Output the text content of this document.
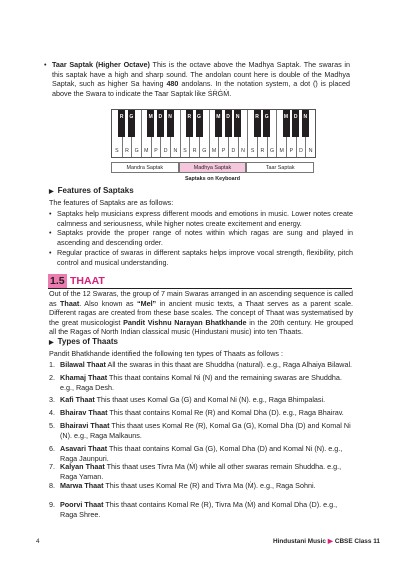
•

Taar Saptak (Higher Octave) This is the octave above the Madhya Saptak. The swaras in this saptak have a high and sharp sound. The andolan count here is double of the Madhya Saptak, such as higher Sa having 480 andolans. In the notation system, a dot (̇) is placed above the Swara to indicate the Taar Saptak like ṠṘĠṀ.

S	R	G	M	P	D	N	S	R	G	M	P	D	N	S	R	G	M	P	D	N
R	G	M	D	N	R	G	M	D	N	R	G	M	D	N
Mandra Saptak	Madhya Saptak	Taar Saptak
Saptaks on Keyboard
▶ Features of Saptaks

The features of Saptaks are as follows:

•

Saptaks help musicians express different moods and emotions in music. Lower notes create calmness and seriousness, while higher notes create excitement and energy.

•

Saptaks provide the proper range of notes within which ragas are sung and played in ascending and descending order.

•

Regular practice of swaras in different saptaks helps improve vocal strength, flexibility, pitch control and musical understanding.

1.5 THAAT

Out of the 12 Swaras, the group of 7 main Swaras arranged in an ascending sequence is called as Thaat. Also known as “Mel” in ancient music texts, a Thaat serves as a parent scale. Different ragas are created from these base scales. The concept of Thaat was systematised by the great musicologist Pandit Vishnu Narayan Bhatkhande in the 20th century. He grouped all the Ragas of North Indian classical music (Hindustani music) into ten Thaats.

▶ Types of Thaats

Pandit Bhatkhande identified the following ten types of Thaats as follows :

1. Bilawal Thaat All the swaras in this thaat are Shuddha (natural). e.g., Raga Alhaiya Bilawal.
2. Khamaj Thaat This thaat contains Komal Ni (N) and the remaining swaras are Shuddha. e.g., Raga Desh.
3. Kafi Thaat This thaat uses Komal Ga (G) and Komal Ni (N). e.g., Raga Bhimpalasi.
4. Bhairav Thaat This thaat contains Komal Re (R) and Komal Dha (D). e.g., Raga Bhairav.
5. Bhairavi Thaat This thaat uses Komal Re (R), Komal Ga (G), Komal Dha (D) and Komal Ni (N). e.g., Raga Malkauns.
6. Asavari Thaat This thaat contains Komal Ga (G), Komal Dha (D) and Komal Ni (N). e.g., Raga Jaunpuri.
7. Kalyan Thaat This thaat uses Tivra Ma (M̍) while all other swaras remain Shuddha. e.g., Raga Yaman.
8. Marwa Thaat This thaat uses Komal Re (R) and Tivra Ma (M̍). e.g., Raga Sohni.
9. Poorvi Thaat This thaat contains Komal Re (R), Tivra Ma (M̍) and Komal Dha (D). e.g., Raga Shree.
4	Hindustani Music ▶ CBSE Class 11
